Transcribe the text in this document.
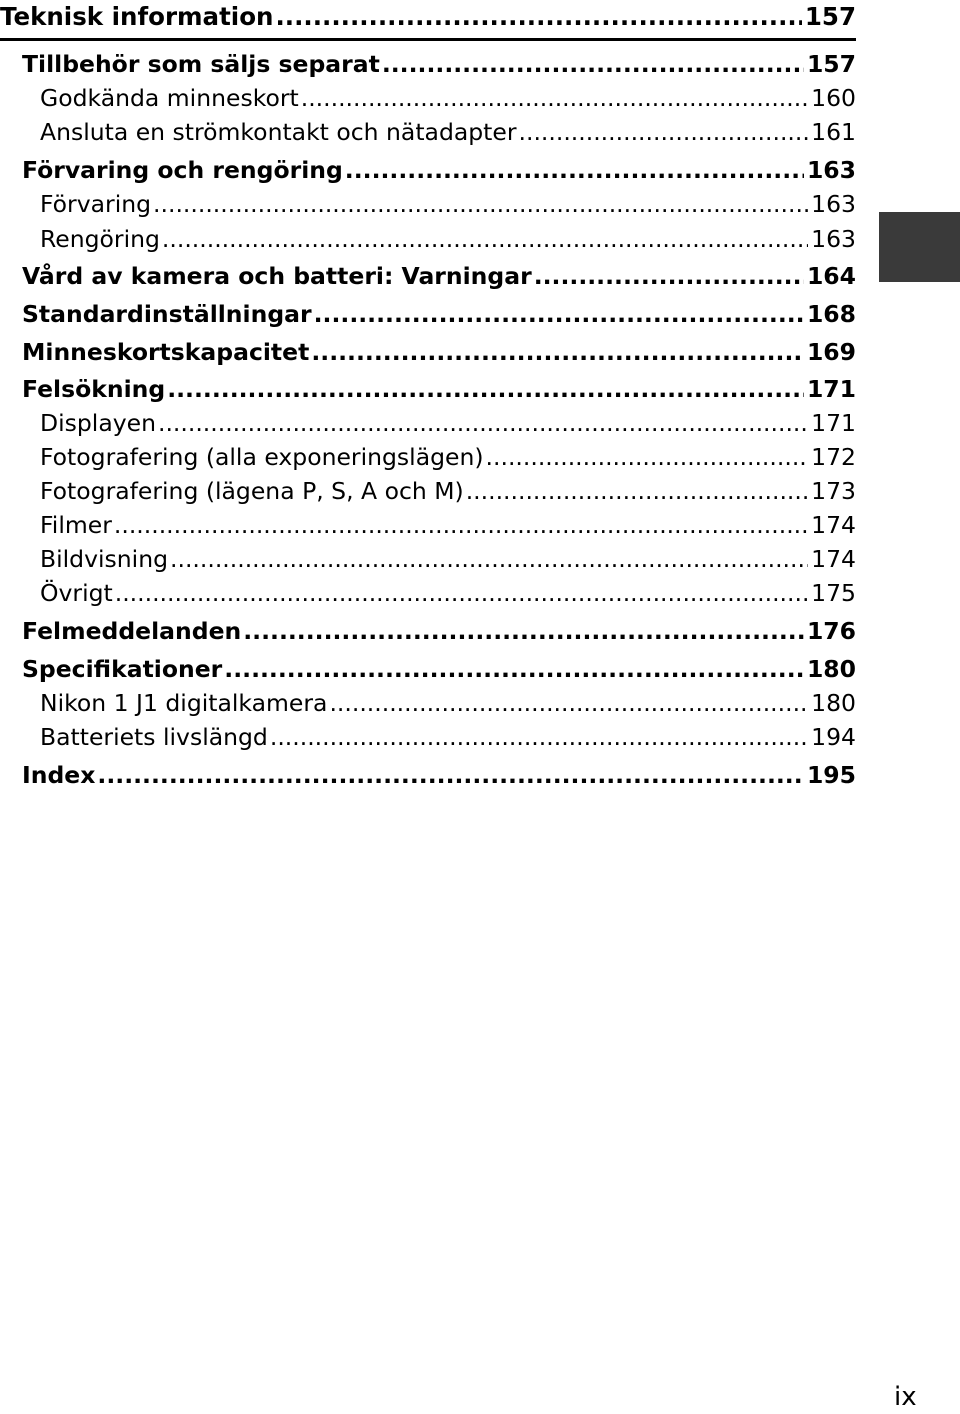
Teknisk information .....	157
Tillbehör som säljs separat .....	157
Godkända minneskort .....	160
Ansluta en strömkontakt och nätadapter .....	161
Förvaring och rengöring .....	163
Förvaring .....	163
Rengöring .....	163
Vård av kamera och batteri: Varningar .....	164
Standardinställningar .....	168
Minneskortskapacitet .....	169
Felsökning .....	171
Displayen .....	171
Fotografering (alla exponeringslägen) .....	172
Fotografering (lägena P, S, A och M) .....	173
Filmer .....	174
Bildvisning .....	174
Övrigt .....	175
Felmeddelanden .....	176
Specifikationer .....	180
Nikon 1 J1 digitalkamera .....	180
Batteriets livslängd .....	194
Index .....	195
ix
